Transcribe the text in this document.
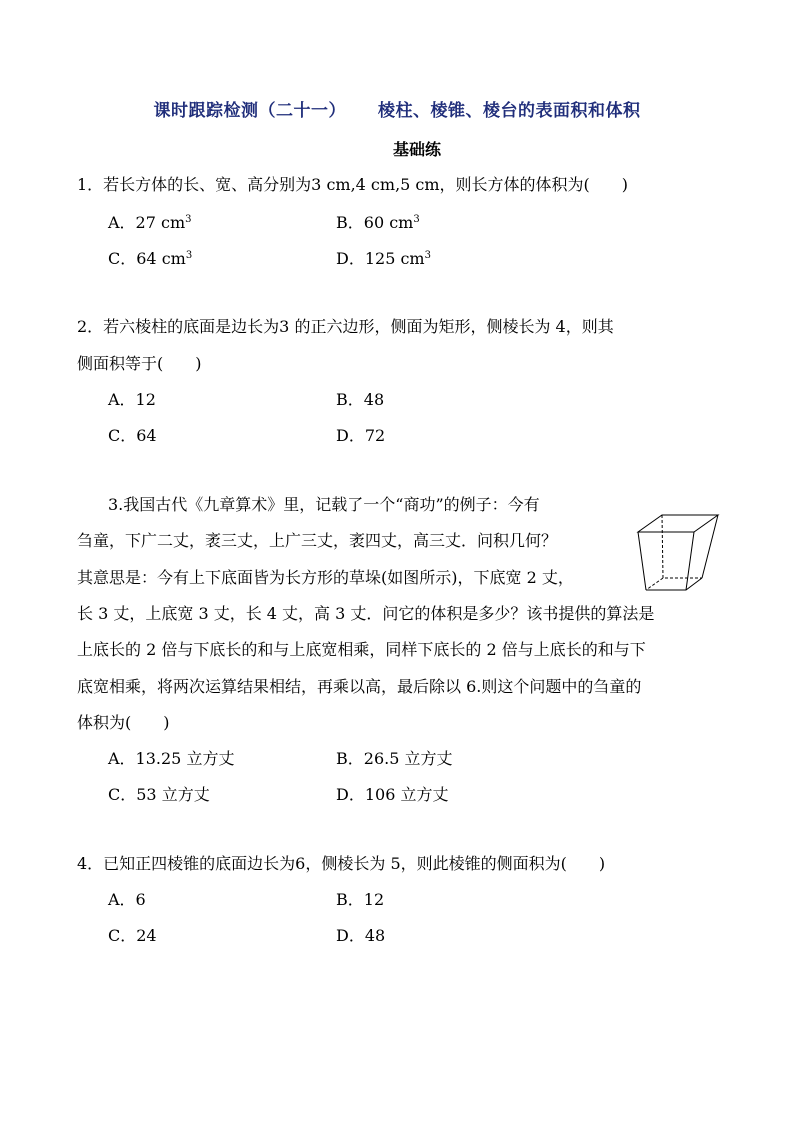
课时跟踪检测（二十一） 棱柱、棱锥、棱台的表面积和体积
基础练
1．若长方体的长、宽、高分别为3 cm,4 cm,5 cm，则长方体的体积为(　　)
A．27 $cm^3$	B．60 $cm^3$
C．64 $cm^3$	D．125 $cm^3$
2．若六棱柱的底面是边长为3 的正六边形，侧面为矩形，侧棱长为 4，则其
侧面积等于(　　)
A．12	B．48
C．64	D．72
3.我国古代《九章算术》里，记载了一个“商功”的例子：今有
刍童，下广二丈，袤三丈，上广三丈，袤四丈，高三丈．问积几何？
其意思是：今有上下底面皆为长方形的草垛(如图所示)，下底宽 2 丈，
长 3 丈，上底宽 3 丈，长 4 丈，高 3 丈．问它的体积是多少？该书提供的算法是
上底长的 2 倍与下底长的和与上底宽相乘，同样下底长的 2 倍与上底长的和与下
底宽相乘，将两次运算结果相结，再乘以高，最后除以 6.则这个问题中的刍童的
体积为(　　)
A．13.25 立方丈	B．26.5 立方丈
C．53 立方丈	D．106 立方丈
4．已知正四棱锥的底面边长为6，侧棱长为 5，则此棱锥的侧面积为(　　)
A．6	B．12
C．24	D．48
